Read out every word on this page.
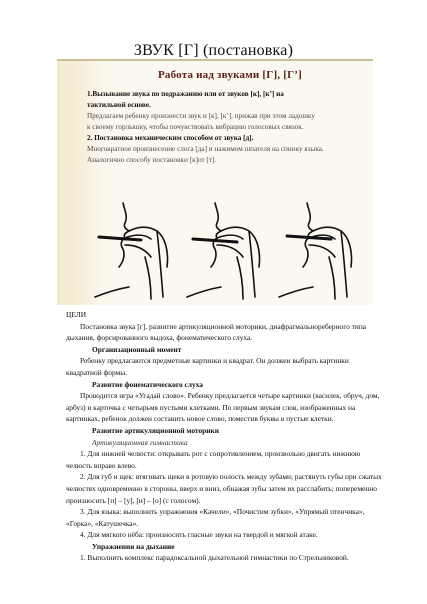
ЗВУК [Г] (постановка)
Работа над звуками [Г], [Г’]

1.Вызывание звука по подражанию или от звуков [к], [к’] на

тактильной основе.

Предлагаем ребенку произнести звук и [к], [к’], прижав при этом ладошку

к своему горлышку, чтобы почувствовать вибрацию голосовых связок.

2. Постановка механическим способом от звука [д].

Многократное произнесение слога [да] и нажимом шпателя на спинку языка.

Аналогично способу постановки [к]от [т].

ЦЕЛИ

Постановка звука [г], развитие артикуляционной моторики, диафрагмальнореберного типа дыхания, форсированного выдоха, фонематического слуха.

Организационный момент

Ребенку предлагаются предметные картинки и квадрат. Он должен выбрать картинки квадратной формы.

Развитие фонематического слуха

Проводится игра «Угадай слово». Ребенку предлагается четыре картинки (василек, обруч, дом, арбуз) и карточка с четырьмя пустыми клетками. По первым звукам слов, изображенных на картинках, ребенок должен составить новое слово, поместив буквы в пустые клетки.

Развитие артикуляционной моторики

Артикуляционная гимнастика

1. Для нижней челюсти: открывать рот с сопротивлением, произвольно двигать нижнюю челюсть вправо влево.

2. Для губ и щек: втягивать щеки в ротовую полость между зубами; растянуть губы при сжатых челюстях одновременно в стороны, вверх и вниз, обнажая зубы затем их расслабить; попеременно произносить [п] – [у], [и] – [о] (с голосом).

3. Для языка: выполнить упражнения «Качели», «Почистим зубки», «Упрямый птенчика», «Горка», «Катушечка».

4. Для мягкого нёба: произносить гласные звуки на твердой и мягкой атаке.

Упражнения на дыхание

1. Выполнить комплекс парадоксальной дыхательной гимнастики по Стрельниковой.
